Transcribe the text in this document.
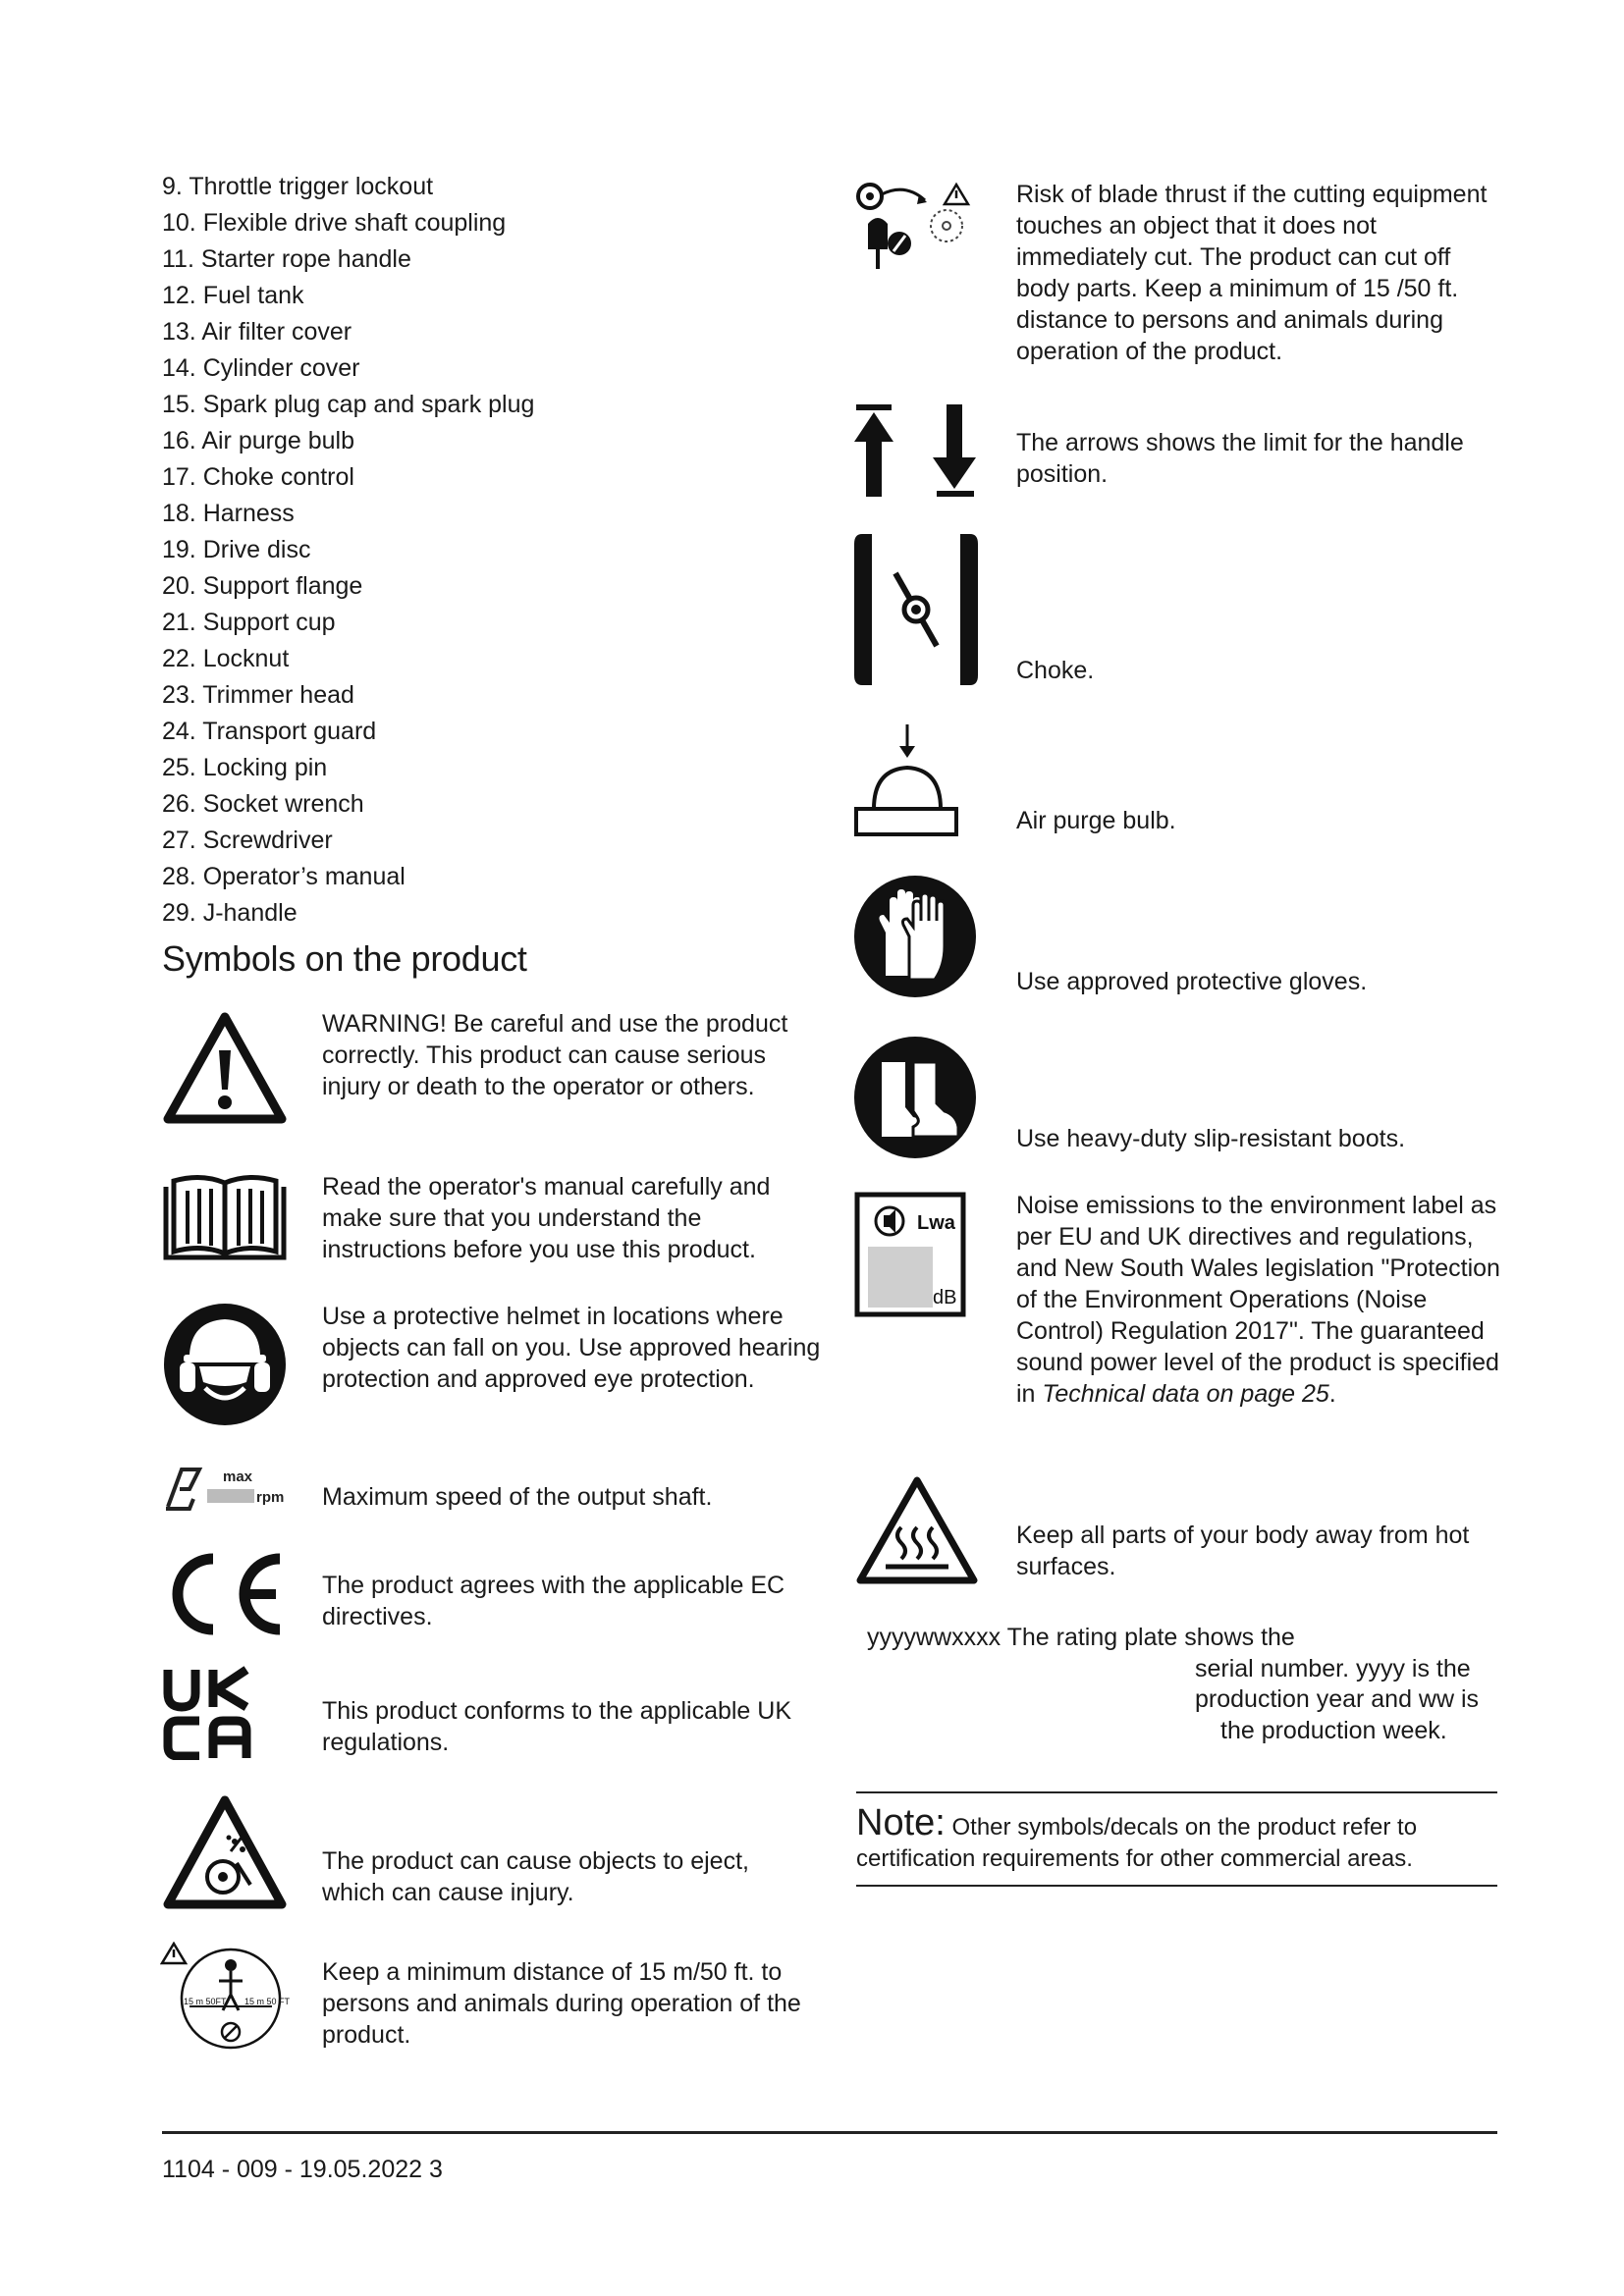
9. Throttle trigger lockout
10. Flexible drive shaft coupling
11. Starter rope handle
12. Fuel tank
13. Air filter cover
14. Cylinder cover
15. Spark plug cap and spark plug
16. Air purge bulb
17. Choke control
18. Harness
19. Drive disc
20. Support flange
21. Support cup
22. Locknut
23. Trimmer head
24. Transport guard
25. Locking pin
26. Socket wrench
27. Screwdriver
28. Operator’s manual
29. J-handle
Symbols on the product

WARNING! Be careful and use the product correctly. This product can cause serious injury or death to the operator or others.

Read the operator's manual carefully and make sure that you understand the instructions before you use this product.

Use a protective helmet in locations where objects can fall on you. Use approved hearing protection and approved eye protection.

max
rpm Maximum speed of the output shaft.

The product agrees with the applicable EC directives.

This product conforms to the applicable UK regulations.

The product can cause objects to eject, which can cause injury.

15 m 50FT 15 m 50 FT

Keep a minimum distance of 15 m/50 ft. to persons and animals during operation of the product.

Risk of blade thrust if the cutting equipment touches an object that it does not immediately cut. The product can cut off body parts. Keep a minimum of 15 /50 ft. distance to persons and animals during operation of the product.

The arrows shows the limit for the handle position.

Choke.

Air purge bulb.

Use approved protective gloves.

Use heavy-duty slip-resistant boots.

Lwa
dB

Noise emissions to the environment label as per EU and UK directives and regulations, and New South Wales legislation "Protection of the Environment Operations (Noise Control) Regulation 2017". The guaranteed sound power level of the product is specified in Technical data on page 25.

Keep all parts of your body away from hot surfaces.

yyyywwxxxx The rating plate shows the

serial number. yyyy is the

production year and ww is

the production week.

Note: Other symbols/decals on the product refer to certification requirements for other commercial areas.

1104 - 009 - 19.05.2022 3
